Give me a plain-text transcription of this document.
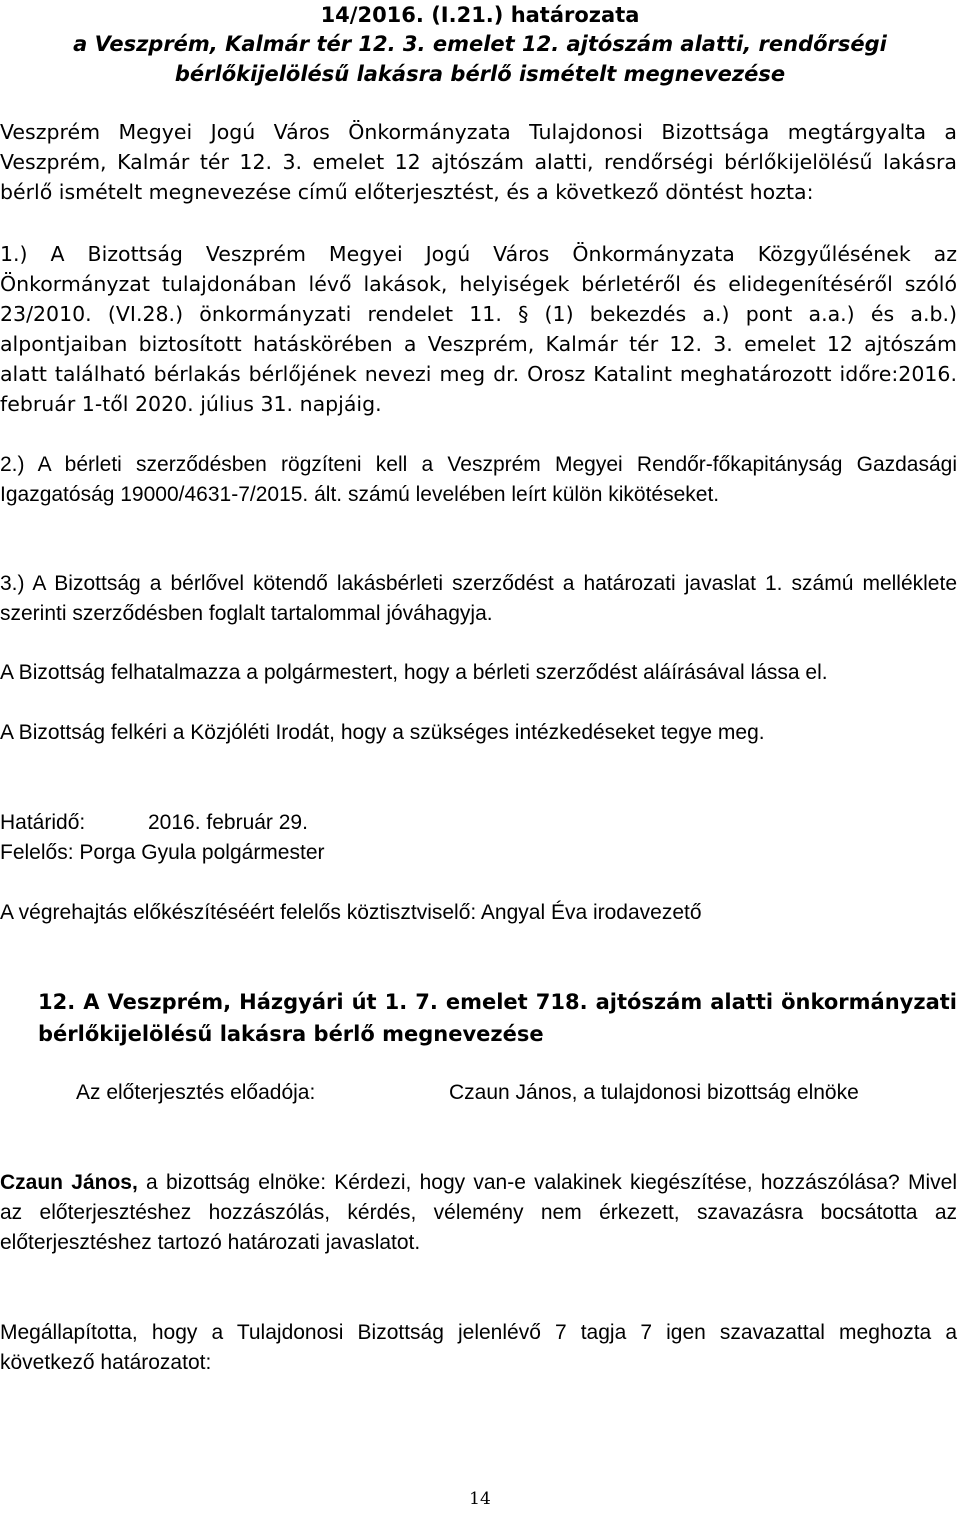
14/2016. (I.21.) határozata
a Veszprém, Kalmár tér 12. 3. emelet 12. ajtószám alatti, rendőrségi
bérlőkijelölésű lakásra bérlő ismételt megnevezése

Veszprém Megyei Jogú Város Önkormányzata Tulajdonosi Bizottsága megtárgyalta a Veszprém, Kalmár tér 12. 3. emelet 12 ajtószám alatti, rendőrségi bérlőkijelölésű lakásra bérlő ismételt megnevezése című előterjesztést, és a következő döntést hozta:

1.) A Bizottság Veszprém Megyei Jogú Város Önkormányzata Közgyűlésének az Önkormányzat tulajdonában lévő lakások, helyiségek bérletéről és elidegenítéséről szóló 23/2010. (VI.28.) önkormányzati rendelet 11. § (1) bekezdés a.) pont a.a.) és a.b.) alpontjaiban biztosított hatáskörében a Veszprém, Kalmár tér 12. 3. emelet 12 ajtószám alatt található bérlakás bérlőjének nevezi meg dr. Orosz Katalint meghatározott időre:2016. február 1-től 2020. július 31. napjáig.

2.) A bérleti szerződésben rögzíteni kell a Veszprém Megyei Rendőr-főkapitányság Gazdasági Igazgatóság 19000/4631-7/2015. ált. számú levelében leírt külön kikötéseket.

3.) A Bizottság a bérlővel kötendő lakásbérleti szerződést a határozati javaslat 1. számú melléklete szerinti szerződésben foglalt tartalommal jóváhagyja.

A Bizottság felhatalmazza a polgármestert, hogy a bérleti szerződést aláírásával lássa el.

A Bizottság felkéri a Közjóléti Irodát, hogy a szükséges intézkedéseket tegye meg.

Határidő:	2016. február 29.
Felelős: Porga Gyula polgármester
A végrehajtás előkészítéséért felelős köztisztviselő: Angyal Éva irodavezető
12. A Veszprém, Házgyári út 1. 7. emelet 718. ajtószám alatti önkormányzati bérlőkijelölésű lakásra bérlő megnevezése
Az előterjesztés előadója:	Czaun János, a tulajdonosi bizottság elnöke

Czaun János, a bizottság elnöke: Kérdezi, hogy van-e valakinek kiegészítése, hozzászólása? Mivel az előterjesztéshez hozzászólás, kérdés, vélemény nem érkezett, szavazásra bocsátotta az előterjesztéshez tartozó határozati javaslatot.

Megállapította, hogy a Tulajdonosi Bizottság jelenlévő 7 tagja 7 igen szavazattal meghozta a következő határozatot:

14
